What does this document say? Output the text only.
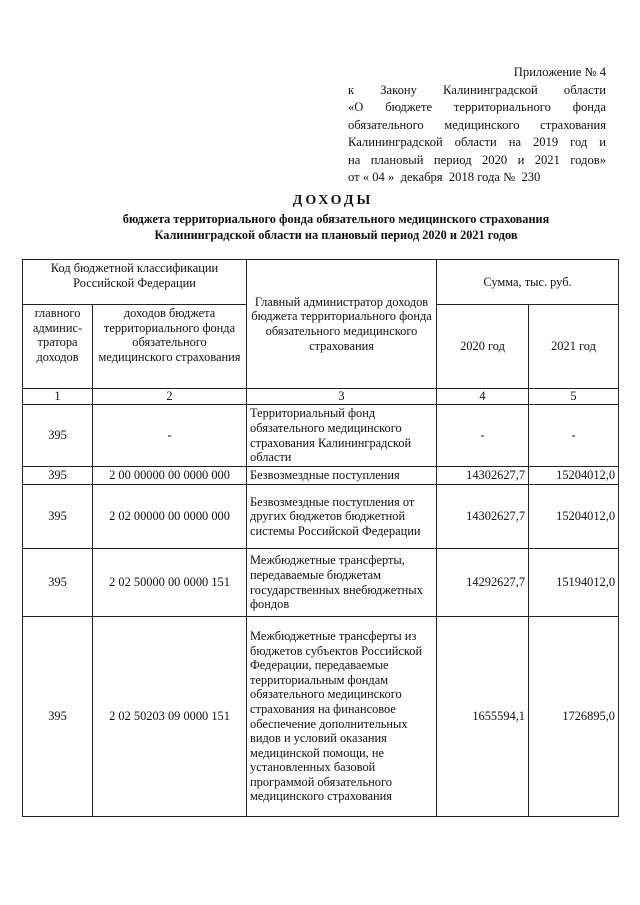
Приложение № 4
к Закону Калининградской области
«О бюджете территориального фонда
обязательного медицинского страхования
Калининградской области на 2019 год и
на плановый период 2020 и 2021 годов»
от « 04 »  декабря  2018 года №  230
ДОХОДЫ
бюджета территориального фонда обязательного медицинского страхования
Калининградской области на плановый период 2020 и 2021 годов
Код бюджетной классификации Российской Федерации		Главный администратор доходов бюджета территориального фонда обязательного медицинского страхования	Сумма, тыс. руб.	
главного админис-тратора доходов	доходов бюджета территориального фонда обязательного медицинского страхования		2020 год	2021 год
1	2	3	4	5
395	-	Территориальный фонд обязательного медицинского страхования Калининградской области	-	-
395	2 00 00000 00 0000 000	Безвозмездные поступления	14302627,7	15204012,0
395	2 02 00000 00 0000 000	Безвозмездные поступления от других бюджетов бюджетной системы Российской Федерации	14302627,7	15204012,0
395	2 02 50000 00 0000 151	Межбюджетные трансферты, передаваемые бюджетам государственных внебюджетных фондов	14292627,7	15194012,0
395	2 02 50203 09 0000 151	Межбюджетные трансферты из бюджетов субъектов Российской Федерации, передаваемые территориальным фондам обязательного медицинского страхования на финансовое обеспечение дополнительных видов и условий оказания медицинской помощи, не установленных базовой программой обязательного медицинского страхования	1655594,1	1726895,0
